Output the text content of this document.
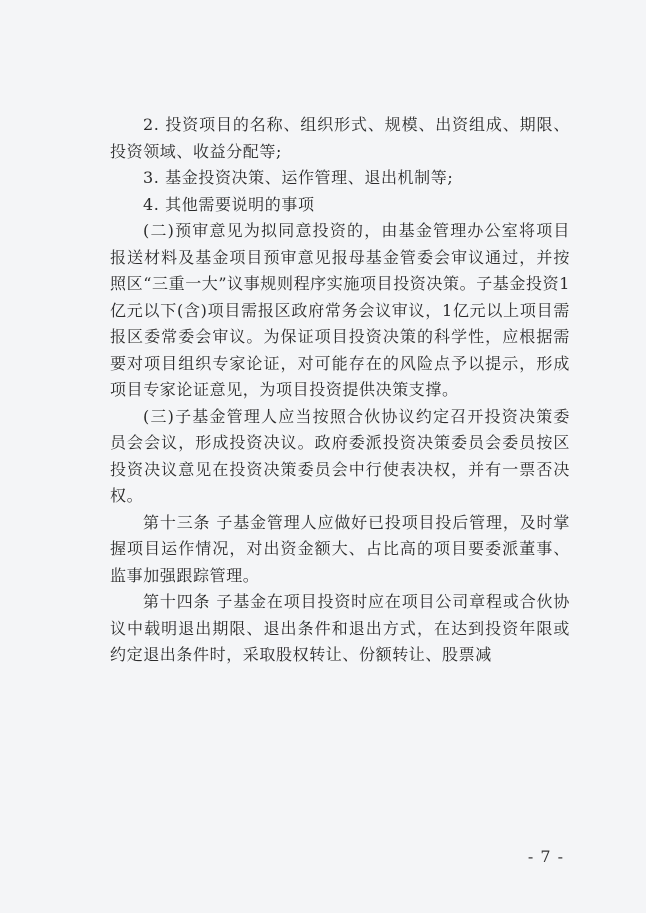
2. 投资项目的名称、组织形式、规模、出资组成、期限、投资领域、收益分配等;

3. 基金投资决策、运作管理、退出机制等;

4. 其他需要说明的事项

(二)预审意见为拟同意投资的，由基金管理办公室将项目报送材料及基金项目预审意见报母基金管委会审议通过，并按照区“三重一大”议事规则程序实施项目投资决策。子基金投资1亿元以下(含)项目需报区政府常务会议审议，1亿元以上项目需报区委常委会审议。为保证项目投资决策的科学性，应根据需要对项目组织专家论证，对可能存在的风险点予以提示，形成项目专家论证意见，为项目投资提供决策支撑。

(三)子基金管理人应当按照合伙协议约定召开投资决策委员会会议，形成投资决议。政府委派投资决策委员会委员按区投资决议意见在投资决策委员会中行使表决权，并有一票否决权。

第十三条 子基金管理人应做好已投项目投后管理，及时掌握项目运作情况，对出资金额大、占比高的项目要委派董事、监事加强跟踪管理。

第十四条 子基金在项目投资时应在项目公司章程或合伙协议中载明退出期限、退出条件和退出方式，在达到投资年限或约定退出条件时，采取股权转让、份额转让、股票减

- 7 -
